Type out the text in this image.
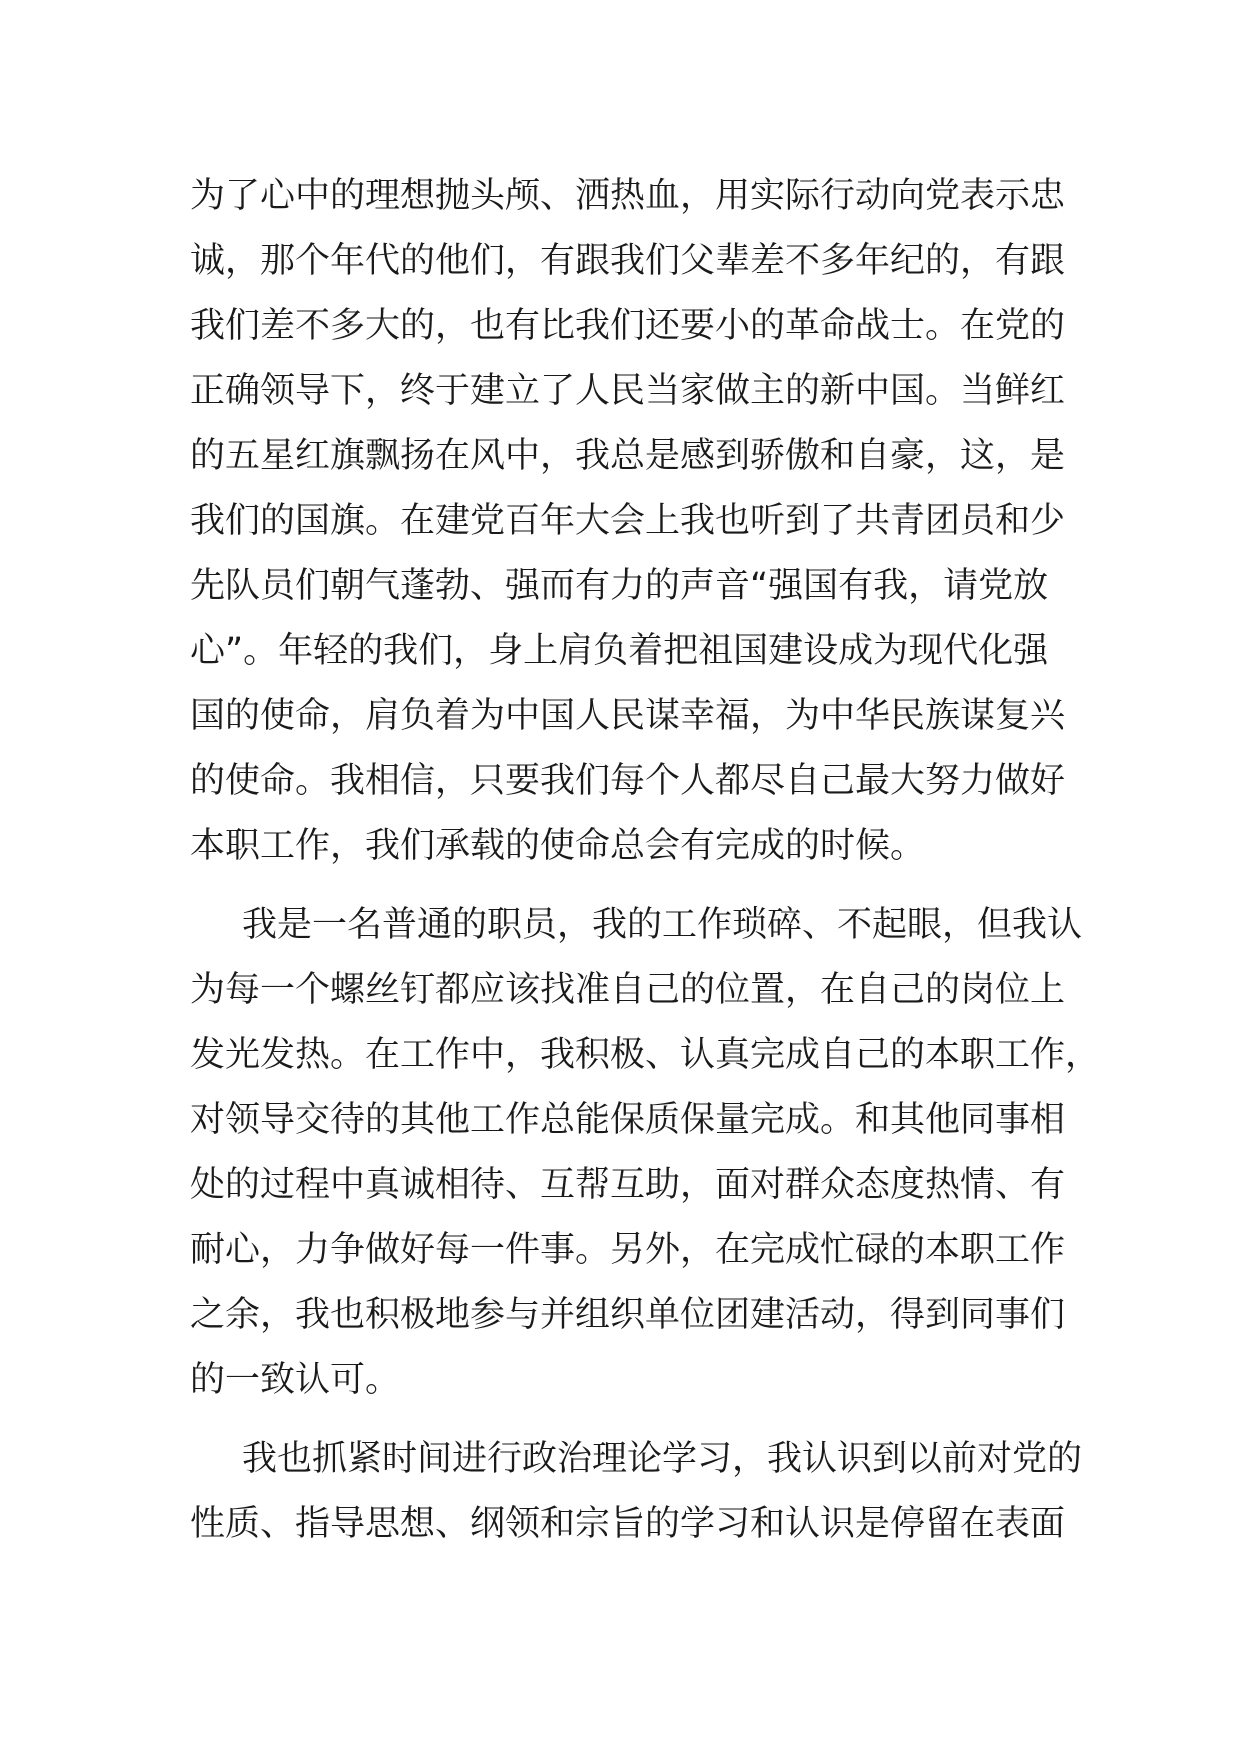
为了心中的理想抛头颅、洒热血，用实际行动向党表示忠
诚，那个年代的他们，有跟我们父辈差不多年纪的，有跟
我们差不多大的，也有比我们还要小的革命战士。在党的
正确领导下，终于建立了人民当家做主的新中国。当鲜红
的五星红旗飘扬在风中，我总是感到骄傲和自豪，这，是
我们的国旗。在建党百年大会上我也听到了共青团员和少
先队员们朝气蓬勃、强而有力的声音“强国有我，请党放
心”。年轻的我们，身上肩负着把祖国建设成为现代化强
国的使命，肩负着为中国人民谋幸福，为中华民族谋复兴
的使命。我相信，只要我们每个人都尽自己最大努力做好
本职工作，我们承载的使命总会有完成的时候。

我是一名普通的职员，我的工作琐碎、不起眼，但我认
为每一个螺丝钉都应该找准自己的位置，在自己的岗位上
发光发热。在工作中，我积极、认真完成自己的本职工作，
对领导交待的其他工作总能保质保量完成。和其他同事相
处的过程中真诚相待、互帮互助，面对群众态度热情、有
耐心，力争做好每一件事。另外，在完成忙碌的本职工作
之余，我也积极地参与并组织单位团建活动，得到同事们
的一致认可。

我也抓紧时间进行政治理论学习，我认识到以前对党的
性质、指导思想、纲领和宗旨的学习和认识是停留在表面
